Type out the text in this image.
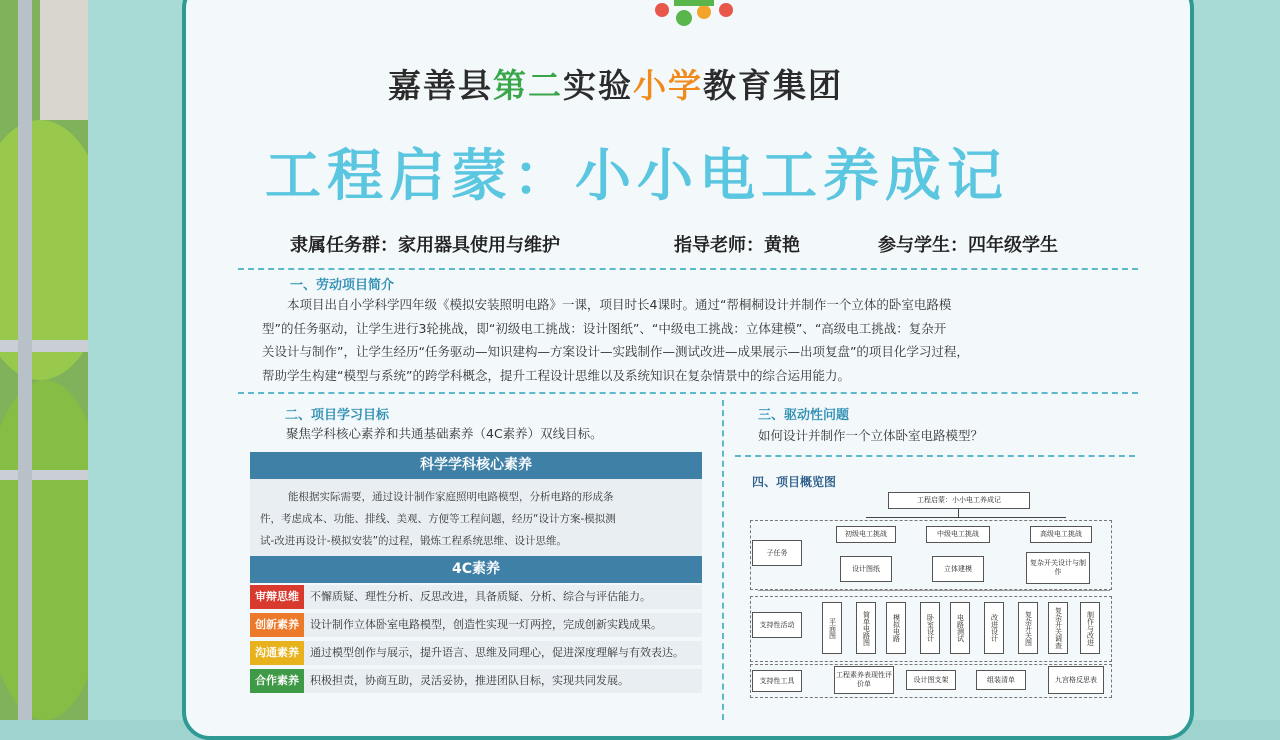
嘉善县第二实验小学教育集团
工程启蒙：小小电工养成记
隶属任务群：家用器具使用与维护	指导老师：黄艳	参与学生：四年级学生
一、劳动项目简介
本项目出自小学科学四年级《模拟安装照明电路》一课，项目时长4课时。通过“帮桐桐设计并制作一个立体的卧室电路模
型”的任务驱动，让学生进行3轮挑战，即“初级电工挑战：设计图纸”、“中级电工挑战：立体建模”、“高级电工挑战：复杂开
关设计与制作”，让学生经历“任务驱动—知识建构—方案设计—实践制作—测试改进—成果展示—出项复盘”的项目化学习过程，
帮助学生构建“模型与系统”的跨学科概念，提升工程设计思维以及系统知识在复杂情景中的综合运用能力。
二、项目学习目标
聚焦学科核心素养和共通基础素养（4C素养）双线目标。
科学学科核心素养
能根据实际需要，通过设计制作家庭照明电路模型，分析电路的形成条
件，考虑成本、功能、排线、美观、方便等工程问题，经历“设计方案-模拟测
试-改进再设计-模拟安装”的过程，锻炼工程系统思维、设计思维。
4C素养
审辩思维	不懈质疑、理性分析、反思改进，具备质疑、分析、综合与评估能力。
创新素养	设计制作立体卧室电路模型，创造性实现一灯两控，完成创新实践成果。
沟通素养	通过模型创作与展示，提升语言、思维及同理心，促进深度理解与有效表达。
合作素养	积极担责，协商互助，灵活妥协，推进团队目标，实现共同发展。
三、驱动性问题
如何设计并制作一个立体卧室电路模型？
四、项目概览图
工程启蒙：小小电工养成记
子任务
初级电工挑战	中级电工挑战	高级电工挑战
设计图纸	立体建模
复杂开关设计与制作
支持性活动	平面图	简单电路图	模拟电路	卧室设计	电路测试	改进设计	复杂开关图	复杂开关调查	制作与改进
支持性工具
工程素养表现性评价单
设计图支架	组装清单	九宫格反思表
